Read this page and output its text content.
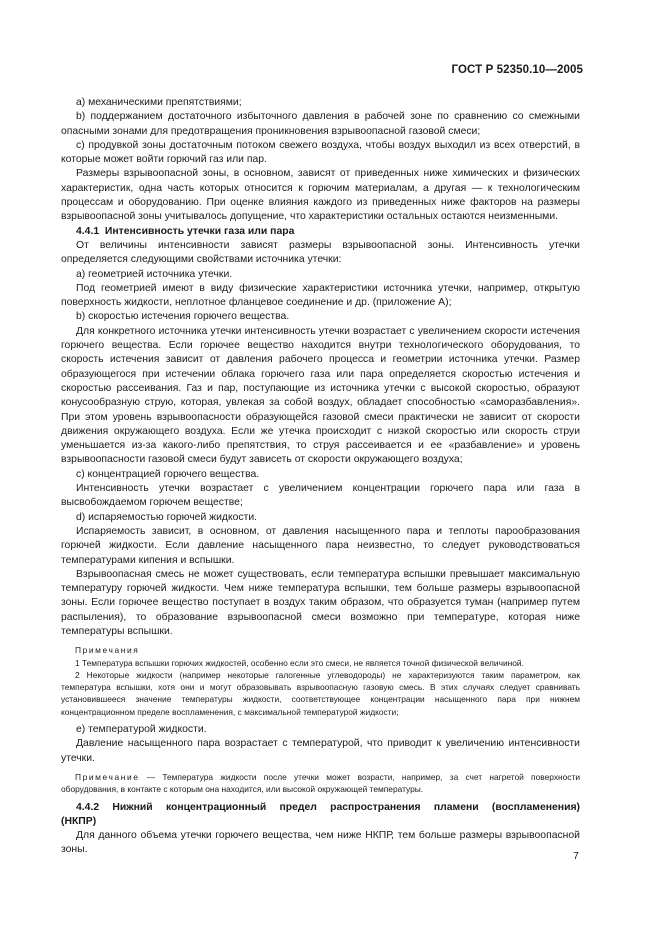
ГОСТ Р 52350.10—2005

a) механическими препятствиями;

b) поддержанием достаточного избыточного давления в рабочей зоне по сравнению со смежными опасными зонами для предотвращения проникновения взрывоопасной газовой смеси;

c) продувкой зоны достаточным потоком свежего воздуха, чтобы воздух выходил из всех отверстий, в которые может войти горючий газ или пар.

Размеры взрывоопасной зоны, в основном, зависят от приведенных ниже химических и физических характеристик, одна часть которых относится к горючим материалам, а другая — к технологическим процессам и оборудованию. При оценке влияния каждого из приведенных ниже факторов на размеры взрывоопасной зоны учитывалось допущение, что характеристики остальных остаются неизменными.

4.4.1 Интенсивность утечки газа или пара

От величины интенсивности зависят размеры взрывоопасной зоны. Интенсивность утечки определяется следующими свойствами источника утечки:

a) геометрией источника утечки.

Под геометрией имеют в виду физические характеристики источника утечки, например, открытую поверхность жидкости, неплотное фланцевое соединение и др. (приложение А);

b) скоростью истечения горючего вещества.

Для конкретного источника утечки интенсивность утечки возрастает с увеличением скорости истечения горючего вещества. Если горючее вещество находится внутри технологического оборудования, то скорость истечения зависит от давления рабочего процесса и геометрии источника утечки. Размер образующегося при истечении облака горючего газа или пара определяется скоростью истечения и скоростью рассеивания. Газ и пар, поступающие из источника утечки с высокой скоростью, образуют конусообразную струю, которая, увлекая за собой воздух, обладает способностью «саморазбавления». При этом уровень взрывоопасности образующейся газовой смеси практически не зависит от скорости движения окружающего воздуха. Если же утечка происходит с низкой скоростью или скорость струи уменьшается из-за какого-либо препятствия, то струя рассеивается и ее «разбавление» и уровень взрывоопасности газовой смеси будут зависеть от скорости окружающего воздуха;

c) концентрацией горючего вещества.

Интенсивность утечки возрастает с увеличением концентрации горючего пара или газа в высвобождаемом горючем веществе;

d) испаряемостью горючей жидкости.

Испаряемость зависит, в основном, от давления насыщенного пара и теплоты парообразования горючей жидкости. Если давление насыщенного пара неизвестно, то следует руководствоваться температурами кипения и вспышки.

Взрывоопасная смесь не может существовать, если температура вспышки превышает максимальную температуру горючей жидкости. Чем ниже температура вспышки, тем больше размеры взрывоопасной зоны. Если горючее вещество поступает в воздух таким образом, что образуется туман (например путем распыления), то образование взрывоопасной смеси возможно при температуре, которая ниже температуры вспышки.

Примечания

1 Температура вспышки горючих жидкостей, особенно если это смеси, не является точной физической величиной.

2 Некоторые жидкости (например некоторые галогенные углеводороды) не характеризуются таким параметром, как температура вспышки, хотя они и могут образовывать взрывоопасную газовую смесь. В этих случаях следует сравнивать установившееся значение температуры жидкости, соответствующее концентрации насыщенного пара при нижнем концентрационном пределе воспламенения, с максимальной температурой жидкости;

e) температурой жидкости.

Давление насыщенного пара возрастает с температурой, что приводит к увеличению интенсивности утечки.

Примечание — Температура жидкости после утечки может возрасти, например, за счет нагретой поверхности оборудования, в контакте с которым она находится, или высокой окружающей температуры.

4.4.2 Нижний концентрационный предел распространения пламени (воспламенения)

(НКПР)

Для данного объема утечки горючего вещества, чем ниже НКПР, тем больше размеры взрывоопасной зоны.

7
